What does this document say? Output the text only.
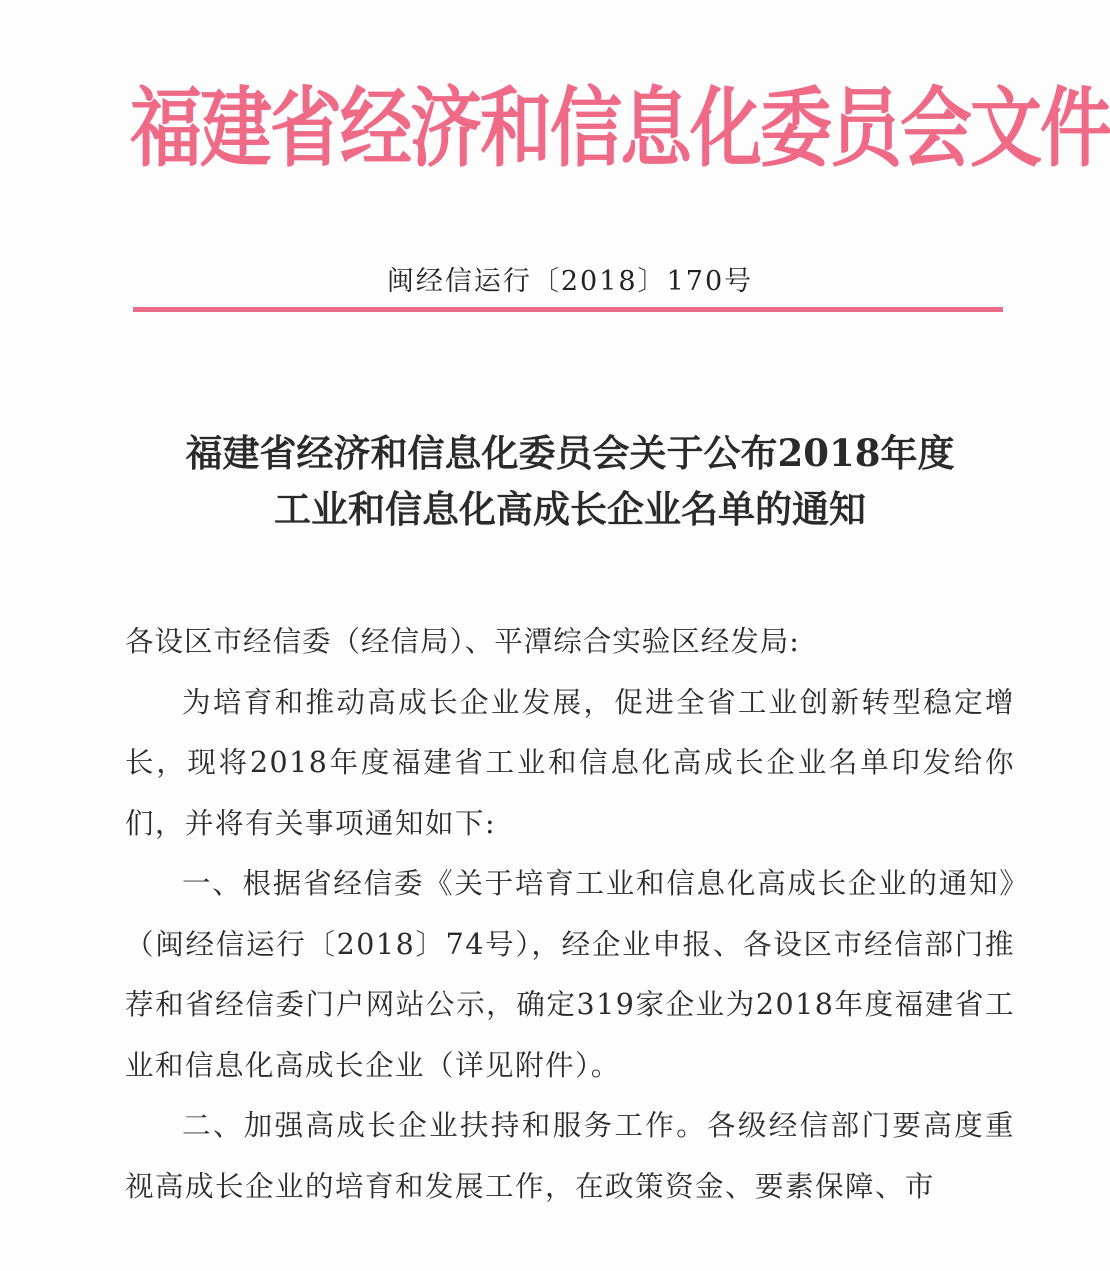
福建省经济和信息化委员会文件
闽经信运行〔2018〕170号
福建省经济和信息化委员会关于公布2018年度
工业和信息化高成长企业名单的通知

各设区市经信委（经信局）、平潭综合实验区经发局:

为培育和推动高成长企业发展，促进全省工业创新转型稳定增长，现将2018年度福建省工业和信息化高成长企业名单印发给你们，并将有关事项通知如下:

一、根据省经信委《关于培育工业和信息化高成长企业的通知》（闽经信运行〔2018〕74号），经企业申报、各设区市经信部门推荐和省经信委门户网站公示，确定319家企业为2018年度福建省工业和信息化高成长企业（详见附件）。

二、加强高成长企业扶持和服务工作。各级经信部门要高度重视高成长企业的培育和发展工作，在政策资金、要素保障、市
